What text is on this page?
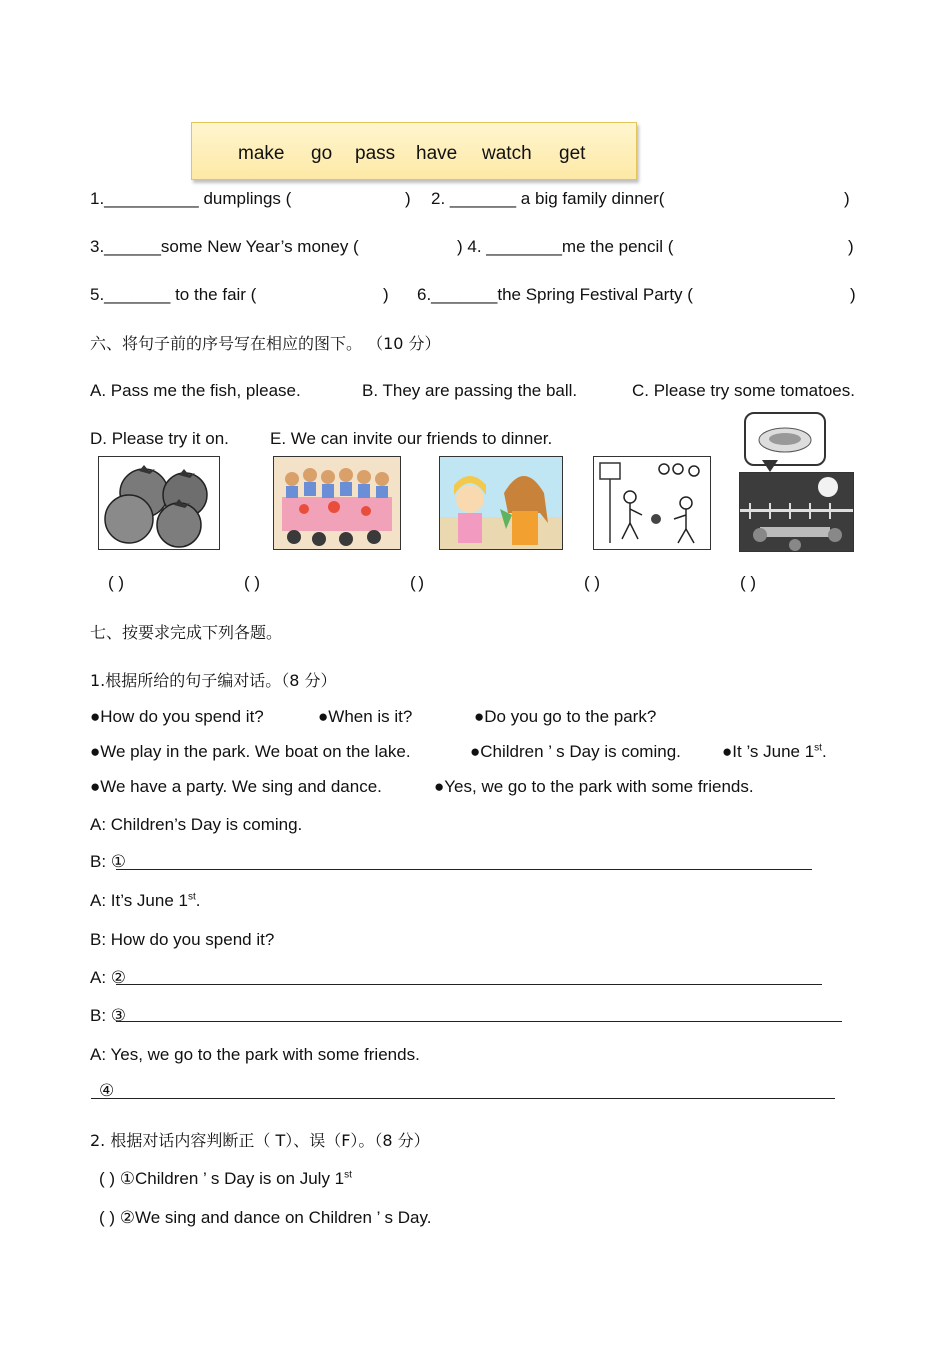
make go pass have watch get
1.__________ dumplings (	) 2. _______ a big family dinner(	)
3.______some New Year’s money (	) 4. ________me the pencil (	)
5._______ to the fair (	) 6._______the Spring Festival Party (	)
六、将句子前的序号写在相应的图下。 （10 分）
A. Pass me the fish, please.	B. They are passing the ball.	C. Please try some tomatoes.
D. Please try it on. E. We can invite our friends to dinner.
( )	( )	( )	( )	( )
七、按要求完成下列各题。
1.根据所给的句子编对话。（8 分）
●How do you spend it?	●When is it?	●Do you go to the park?
●We play in the park. We boat on the lake.	●Children ’ s Day is coming. ●It ’s June 1st.
●We have a party. We sing and dance.	●Yes, we go to the park with some friends.
A: Children’s Day is coming.
B: ①
A: It’s June 1st.
B: How do you spend it?
A: ②
B: ③
A: Yes, we go to the park with some friends.
④
2. 根据对话内容判断正（ T）、误（F）。（8 分）
( ) ①Children ’ s Day is on July 1st
( ) ②We sing and dance on Children ’ s Day.
